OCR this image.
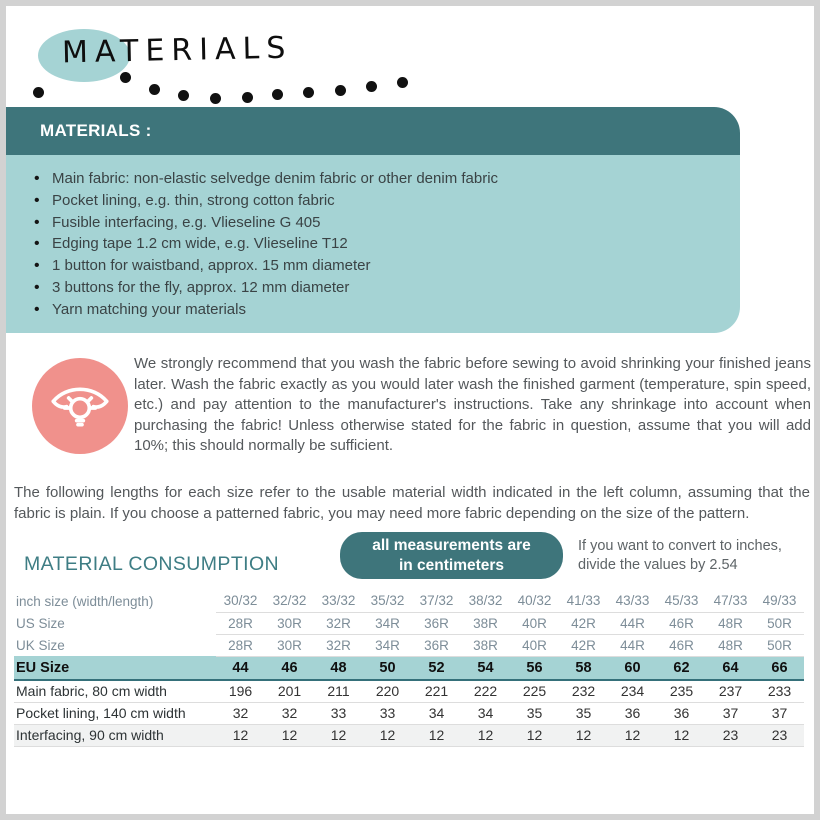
MATERIALS
MATERIALS :
• Main fabric: non-elastic selvedge denim fabric or other denim fabric
• Pocket lining, e.g. thin, strong cotton fabric
• Fusible interfacing, e.g. Vlieseline G 405
• Edging tape 1.2 cm wide, e.g. Vlieseline T12
• 1 button for waistband, approx. 15 mm diameter
• 3 buttons for the fly, approx. 12 mm diameter
• Yarn matching your materials
We strongly recommend that you wash the fabric before sewing to avoid shrinking your finished jeans later. Wash the fabric exactly as you would later wash the finished garment (temperature, spin speed, etc.) and pay attention to the manufacturer's instructions. Take any shrinkage into account when purchasing the fabric! Unless otherwise stated for the fabric in question, assume that you will add 10%; this should normally be sufficient.
The following lengths for each size refer to the usable material width indicated in the left column, assuming that the fabric is plain. If you choose a patterned fabric, you may need more fabric depending on the size of the pattern.
MATERIAL CONSUMPTION
all measurements are
in centimeters
If you want to convert to inches,
divide the values by 2.54
inch size (width/length)	30/32	32/32	33/32	35/32	37/32	38/32	40/32	41/33	43/33	45/33	47/33	49/33
US Size	28R	30R	32R	34R	36R	38R	40R	42R	44R	46R	48R	50R
UK Size	28R	30R	32R	34R	36R	38R	40R	42R	44R	46R	48R	50R
EU Size	44	46	48	50	52	54	56	58	60	62	64	66
Main fabric, 80 cm width	196	201	211	220	221	222	225	232	234	235	237	233
Pocket lining, 140 cm width	32	32	33	33	34	34	35	35	36	36	37	37
Interfacing, 90 cm width	12	12	12	12	12	12	12	12	12	12	23	23
